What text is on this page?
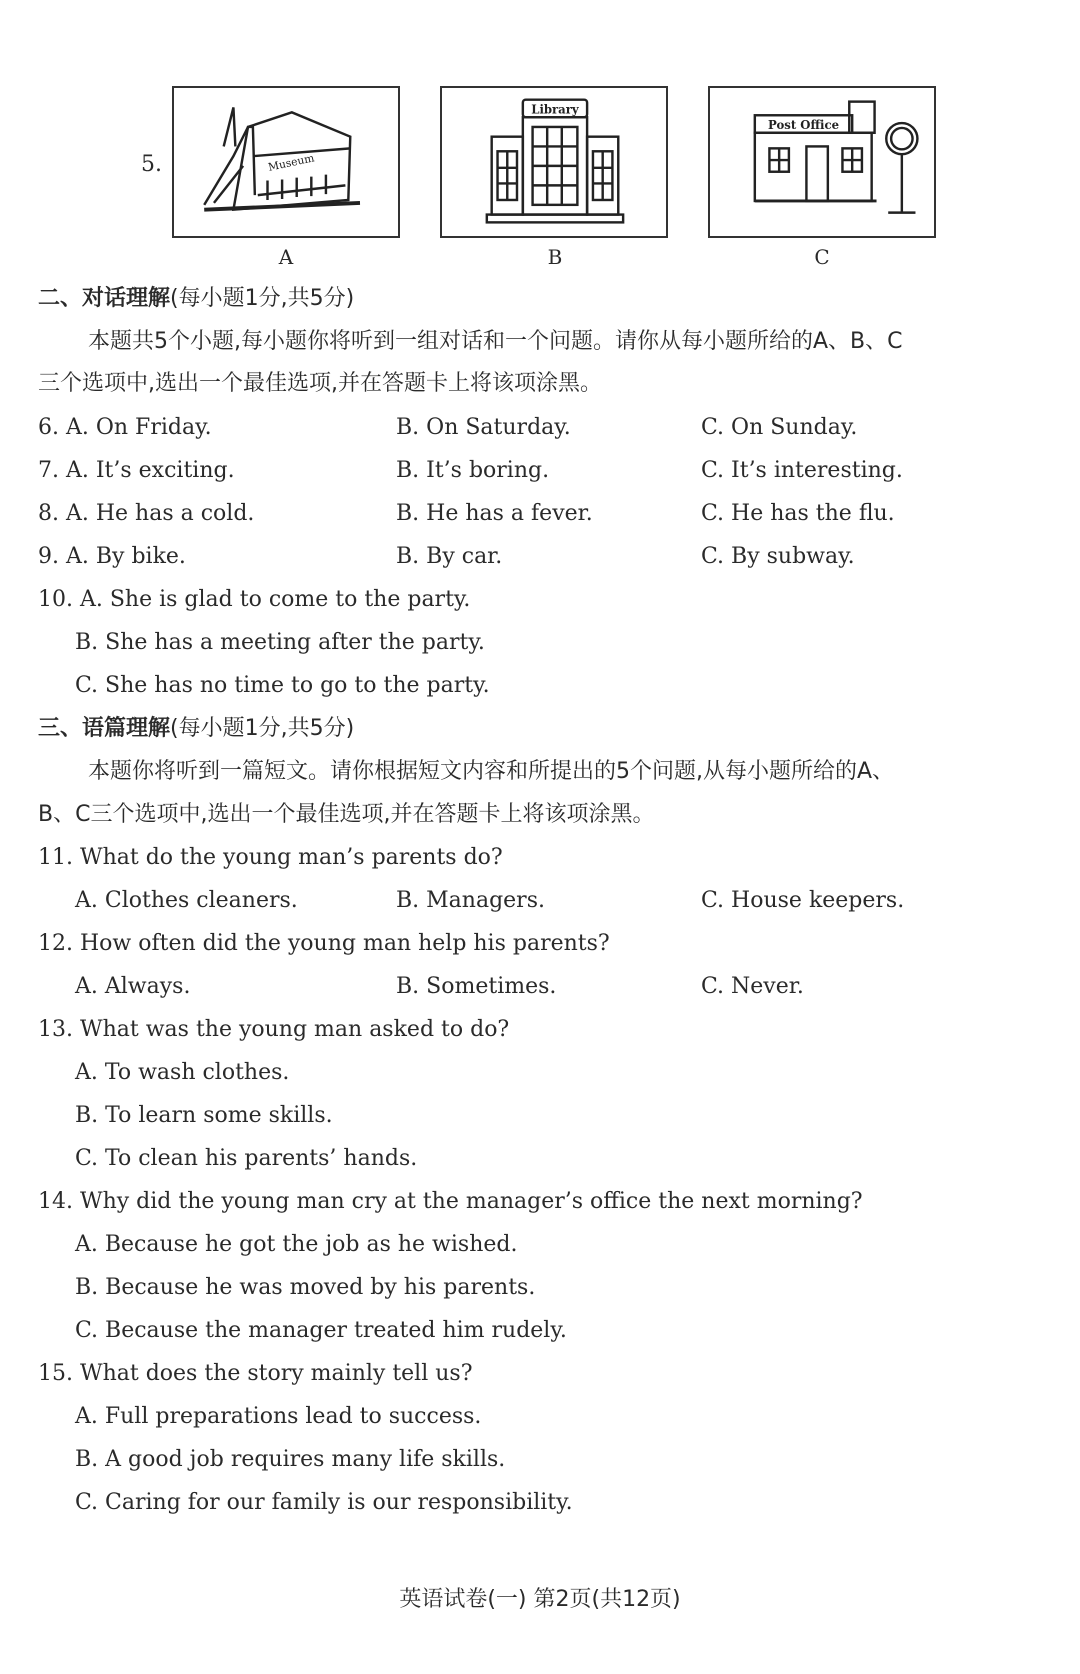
5.	Museum
A
Library
B
Post Office
C
二、对话理解(每小题1分,共5分)
本题共5个小题,每小题你将听到一组对话和一个问题。请你从每小题所给的A、B、C
三个选项中,选出一个最佳选项,并在答题卡上将该项涂黑。
6. A. On Friday.	B. On Saturday.	C. On Sunday.
7. A. It’s exciting.	B. It’s boring.	C. It’s interesting.
8. A. He has a cold.	B. He has a fever.	C. He has the flu.
9. A. By bike.	B. By car.	C. By subway.
10. A. She is glad to come to the party.
B. She has a meeting after the party.
C. She has no time to go to the party.
三、语篇理解(每小题1分,共5分)
本题你将听到一篇短文。请你根据短文内容和所提出的5个问题,从每小题所给的A、
B、C三个选项中,选出一个最佳选项,并在答题卡上将该项涂黑。
11. What do the young man’s parents do?
A. Clothes cleaners.	B. Managers.	C. House keepers.
12. How often did the young man help his parents?
A. Always.	B. Sometimes.	C. Never.
13. What was the young man asked to do?
A. To wash clothes.
B. To learn some skills.
C. To clean his parents’ hands.
14. Why did the young man cry at the manager’s office the next morning?
A. Because he got the job as he wished.
B. Because he was moved by his parents.
C. Because the manager treated him rudely.
15. What does the story mainly tell us?
A. Full preparations lead to success.
B. A good job requires many life skills.
C. Caring for our family is our responsibility.
英语试卷(一) 第2页(共12页)
